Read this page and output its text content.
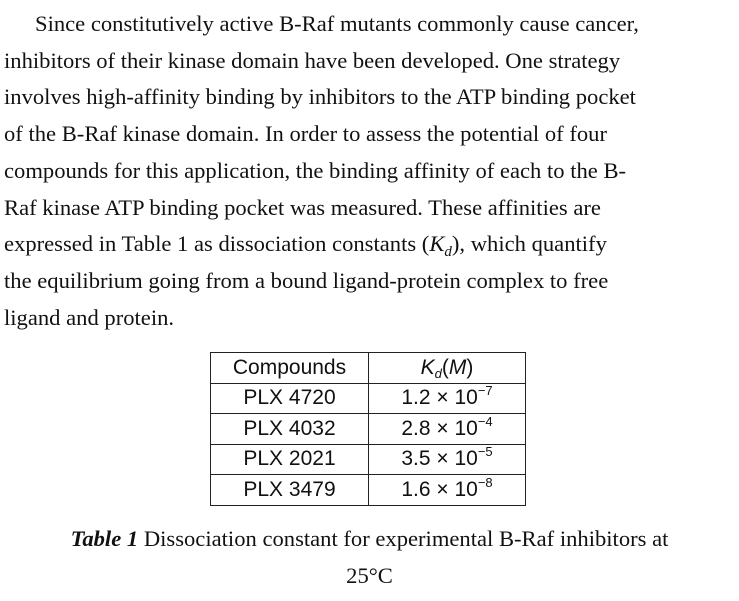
Since constitutively active B-Raf mutants commonly cause cancer,
inhibitors of their kinase domain have been developed. One strategy
involves high-affinity binding by inhibitors to the ATP binding pocket
of the B-Raf kinase domain. In order to assess the potential of four
compounds for this application, the binding affinity of each to the B-
Raf kinase ATP binding pocket was measured. These affinities are
expressed in Table 1 as dissociation constants $(K_d)$, which quantify
the equilibrium going from a bound ligand-protein complex to free
ligand and protein.

Compounds	$K_d(M)$
PLX 4720	$1.2 \times 10^{-7}$
PLX 4032	$2.8 \times 10^{-4}$
PLX 2021	$3.5 \times 10^{-5}$
PLX 3479	$1.6 \times 10^{-8}$

Table 1 Dissociation constant for experimental B-Raf inhibitors at
25°C
